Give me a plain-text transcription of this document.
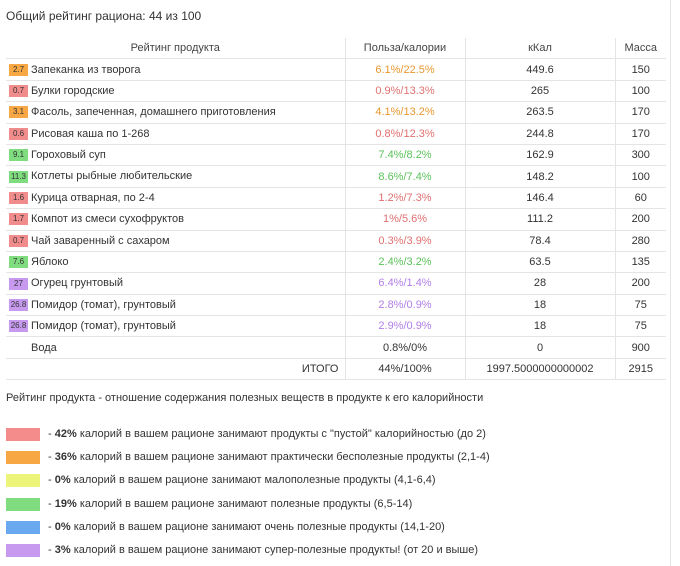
Общий рейтинг рациона: 44 из 100
Рейтинг продукта	Польза/калории	кКал	Масса
2.7 Запеканка из творога	6.1%/22.5%	449.6	150
0.7 Булки городские	0.9%/13.3%	265	100
3.1 Фасоль, запеченная, домашнего приготовления	4.1%/13.2%	263.5	170
0.6 Рисовая каша по 1-268	0.8%/12.3%	244.8	170
9.1 Гороховый суп	7.4%/8.2%	162.9	300
11.3 Котлеты рыбные любительские	8.6%/7.4%	148.2	100
1.6 Курица отварная, по 2-4	1.2%/7.3%	146.4	60
1.7 Компот из смеси сухофруктов	1%/5.6%	111.2	200
0.7 Чай заваренный с сахаром	0.3%/3.9%	78.4	280
7.6 Яблоко	2.4%/3.2%	63.5	135
27 Огурец грунтовый	6.4%/1.4%	28	200
26.8 Помидор (томат), грунтовый	2.8%/0.9%	18	75
26.8 Помидор (томат), грунтовый	2.9%/0.9%	18	75
Вода	0.8%/0%	0	900
ИТОГО	44%/100%	1997.5000000000002	2915
Рейтинг продукта - отношение содержания полезных веществ в продукте к его калорийности
- 42% калорий в вашем рационе занимают продукты с "пустой" калорийностью (до 2)
- 36% калорий в вашем рационе занимают практически бесполезные продукты (2,1-4)
- 0% калорий в вашем рационе занимают малополезные продукты (4,1-6,4)
- 19% калорий в вашем рационе занимают полезные продукты (6,5-14)
- 0% калорий в вашем рационе занимают очень полезные продукты (14,1-20)
- 3% калорий в вашем рационе занимают супер-полезные продукты! (от 20 и выше)
